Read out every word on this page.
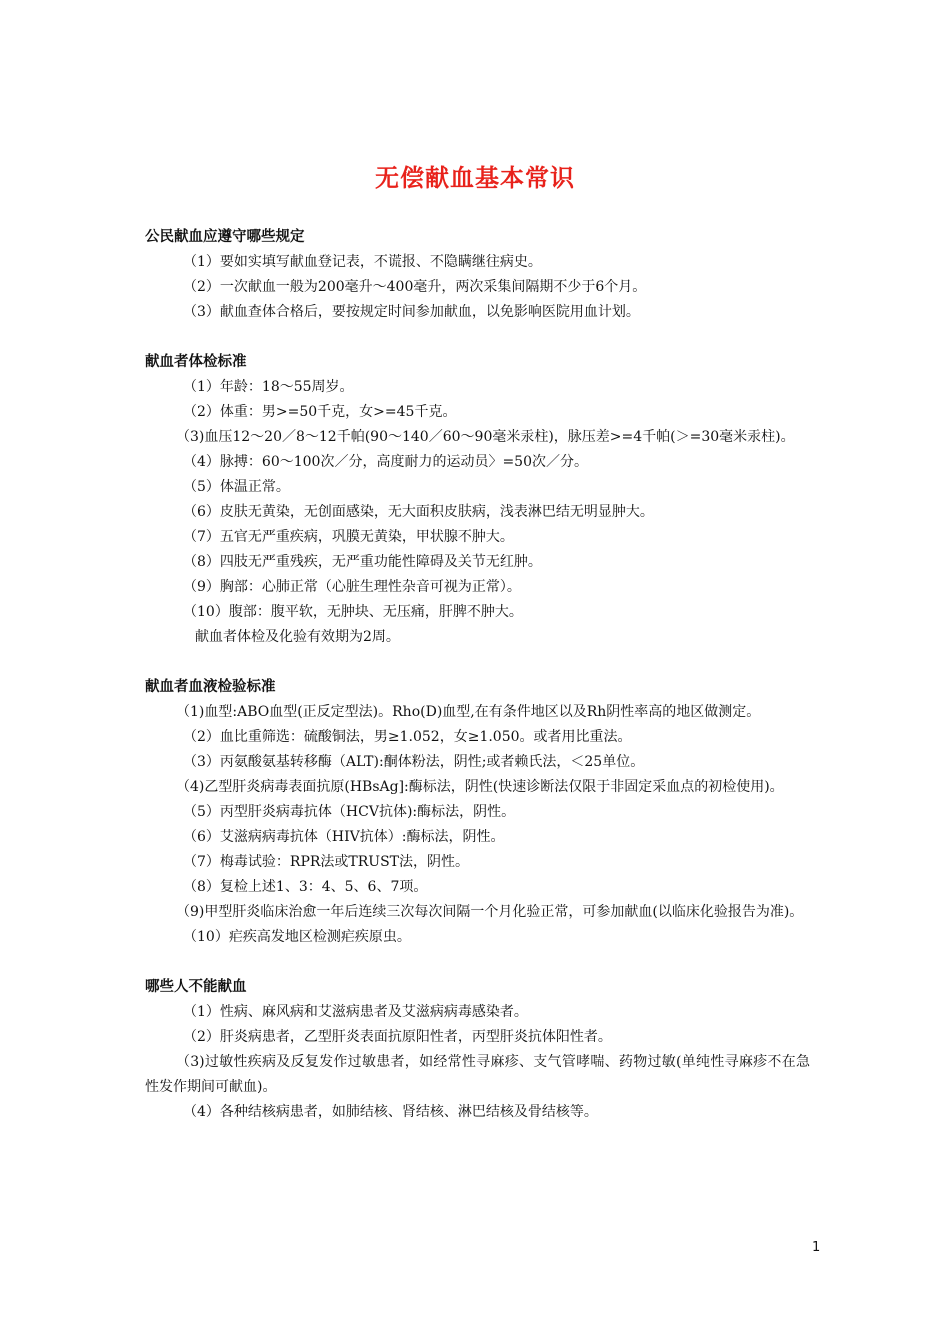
无偿献血基本常识
公民献血应遵守哪些规定
（1）要如实填写献血登记表，不谎报、不隐瞒继往病史。
（2）一次献血一般为200毫升～400毫升，两次采集间隔期不少于6个月。
（3）献血查体合格后，要按规定时间参加献血，以免影响医院用血计划。
献血者体检标准
（1）年龄：18～55周岁。
（2）体重：男>=50千克，女>=45千克。
（3)血压12～20／8～12千帕(90～140／60～90毫米汞柱)，脉压差>=4千帕(＞=30毫米汞柱)。
（4）脉搏：60～100次／分，高度耐力的运动员〉=50次／分。
（5）体温正常。
（6）皮肤无黄染，无创面感染，无大面积皮肤病，浅表淋巴结无明显肿大。
（7）五官无严重疾病，巩膜无黄染，甲状腺不肿大。
（8）四肢无严重残疾，无严重功能性障碍及关节无红肿。
（9）胸部：心肺正常（心脏生理性杂音可视为正常）。
（10）腹部：腹平软，无肿块、无压痛，肝脾不肿大。
献血者体检及化验有效期为2周。
献血者血液检验标准
（1)血型:ABO血型(正反定型法)。Rho(D)血型,在有条件地区以及Rh阴性率高的地区做测定。
（2）血比重筛选：硫酸铜法，男≥1.052，女≥1.050。或者用比重法。
（3）丙氨酸氨基转移酶（ALT):酮体粉法，阴性;或者赖氏法，＜25单位。
（4)乙型肝炎病毒表面抗原(HBsAg]:酶标法，阴性(快速诊断法仅限于非固定采血点的初检使用)。
（5）丙型肝炎病毒抗体（HCV抗体):酶标法，阴性。
（6）艾滋病病毒抗体（HIV抗体）:酶标法，阴性。
（7）梅毒试验：RPR法或TRUST法，阴性。
（8）复检上述1、3：4、5、6、7项。
（9)甲型肝炎临床治愈一年后连续三次每次间隔一个月化验正常，可参加献血(以临床化验报告为准)。
（10）疟疾高发地区检测疟疾原虫。
哪些人不能献血
（1）性病、麻风病和艾滋病患者及艾滋病病毒感染者。
（2）肝炎病患者，乙型肝炎表面抗原阳性者，丙型肝炎抗体阳性者。
（3)过敏性疾病及反复发作过敏患者，如经常性寻麻疹、支气管哮喘、药物过敏(单纯性寻麻疹不在急性发作期间可献血)。
（4）各种结核病患者，如肺结核、肾结核、淋巴结核及骨结核等。
1
